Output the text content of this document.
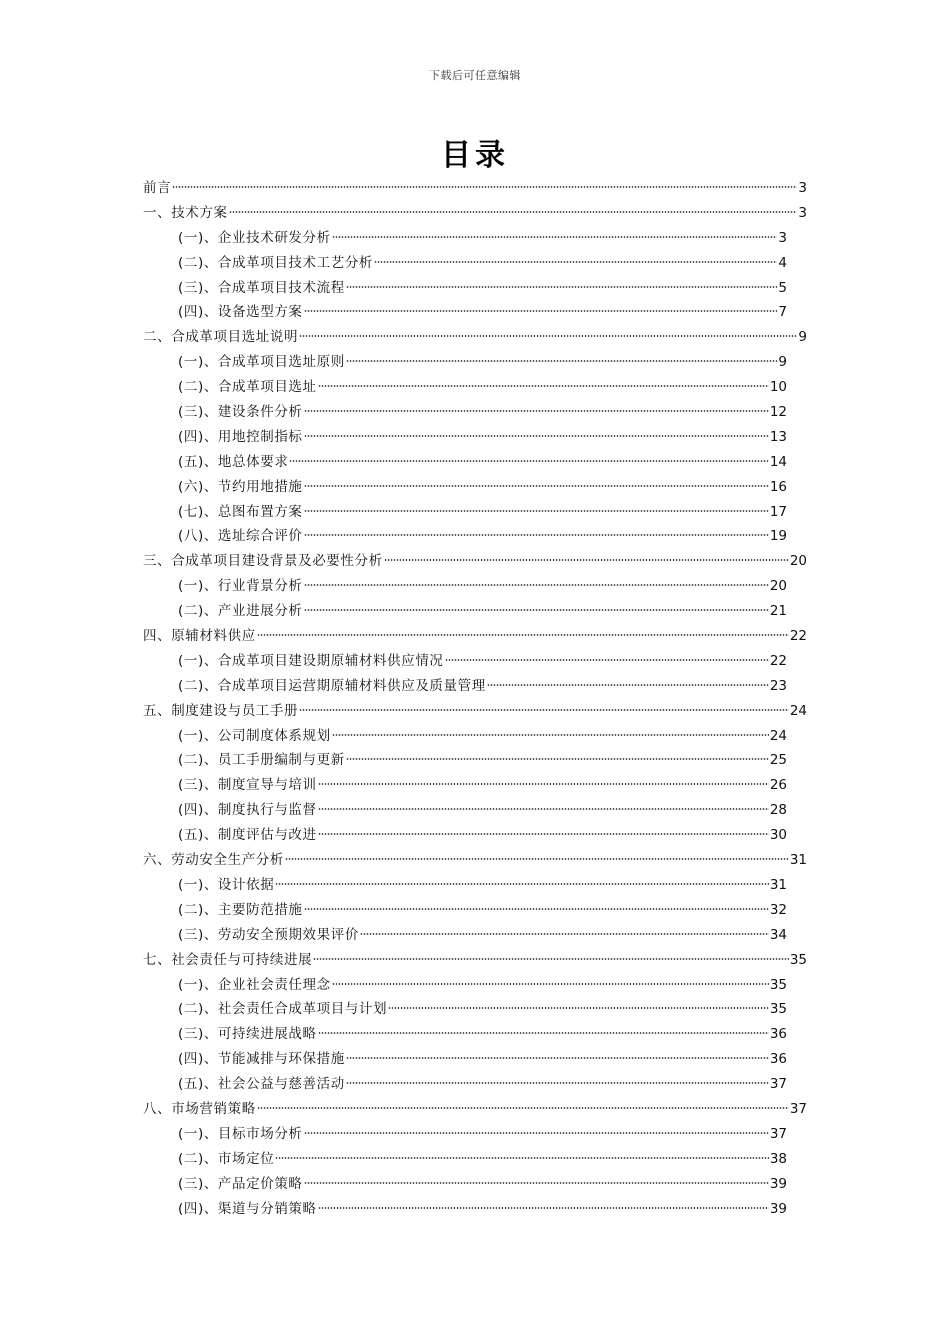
下载后可任意编辑
目录
前言	3
一、技术方案	3
(一)、企业技术研发分析	3
(二)、合成革项目技术工艺分析	4
(三)、合成革项目技术流程	5
(四)、设备选型方案	7
二、合成革项目选址说明	9
(一)、合成革项目选址原则	9
(二)、合成革项目选址	10
(三)、建设条件分析	12
(四)、用地控制指标	13
(五)、地总体要求	14
(六)、节约用地措施	16
(七)、总图布置方案	17
(八)、选址综合评价	19
三、合成革项目建设背景及必要性分析	20
(一)、行业背景分析	20
(二)、产业进展分析	21
四、原辅材料供应	22
(一)、合成革项目建设期原辅材料供应情况	22
(二)、合成革项目运营期原辅材料供应及质量管理	23
五、制度建设与员工手册	24
(一)、公司制度体系规划	24
(二)、员工手册编制与更新	25
(三)、制度宣导与培训	26
(四)、制度执行与监督	28
(五)、制度评估与改进	30
六、劳动安全生产分析	31
(一)、设计依据	31
(二)、主要防范措施	32
(三)、劳动安全预期效果评价	34
七、社会责任与可持续进展	35
(一)、企业社会责任理念	35
(二)、社会责任合成革项目与计划	35
(三)、可持续进展战略	36
(四)、节能减排与环保措施	36
(五)、社会公益与慈善活动	37
八、市场营销策略	37
(一)、目标市场分析	37
(二)、市场定位	38
(三)、产品定价策略	39
(四)、渠道与分销策略	39
